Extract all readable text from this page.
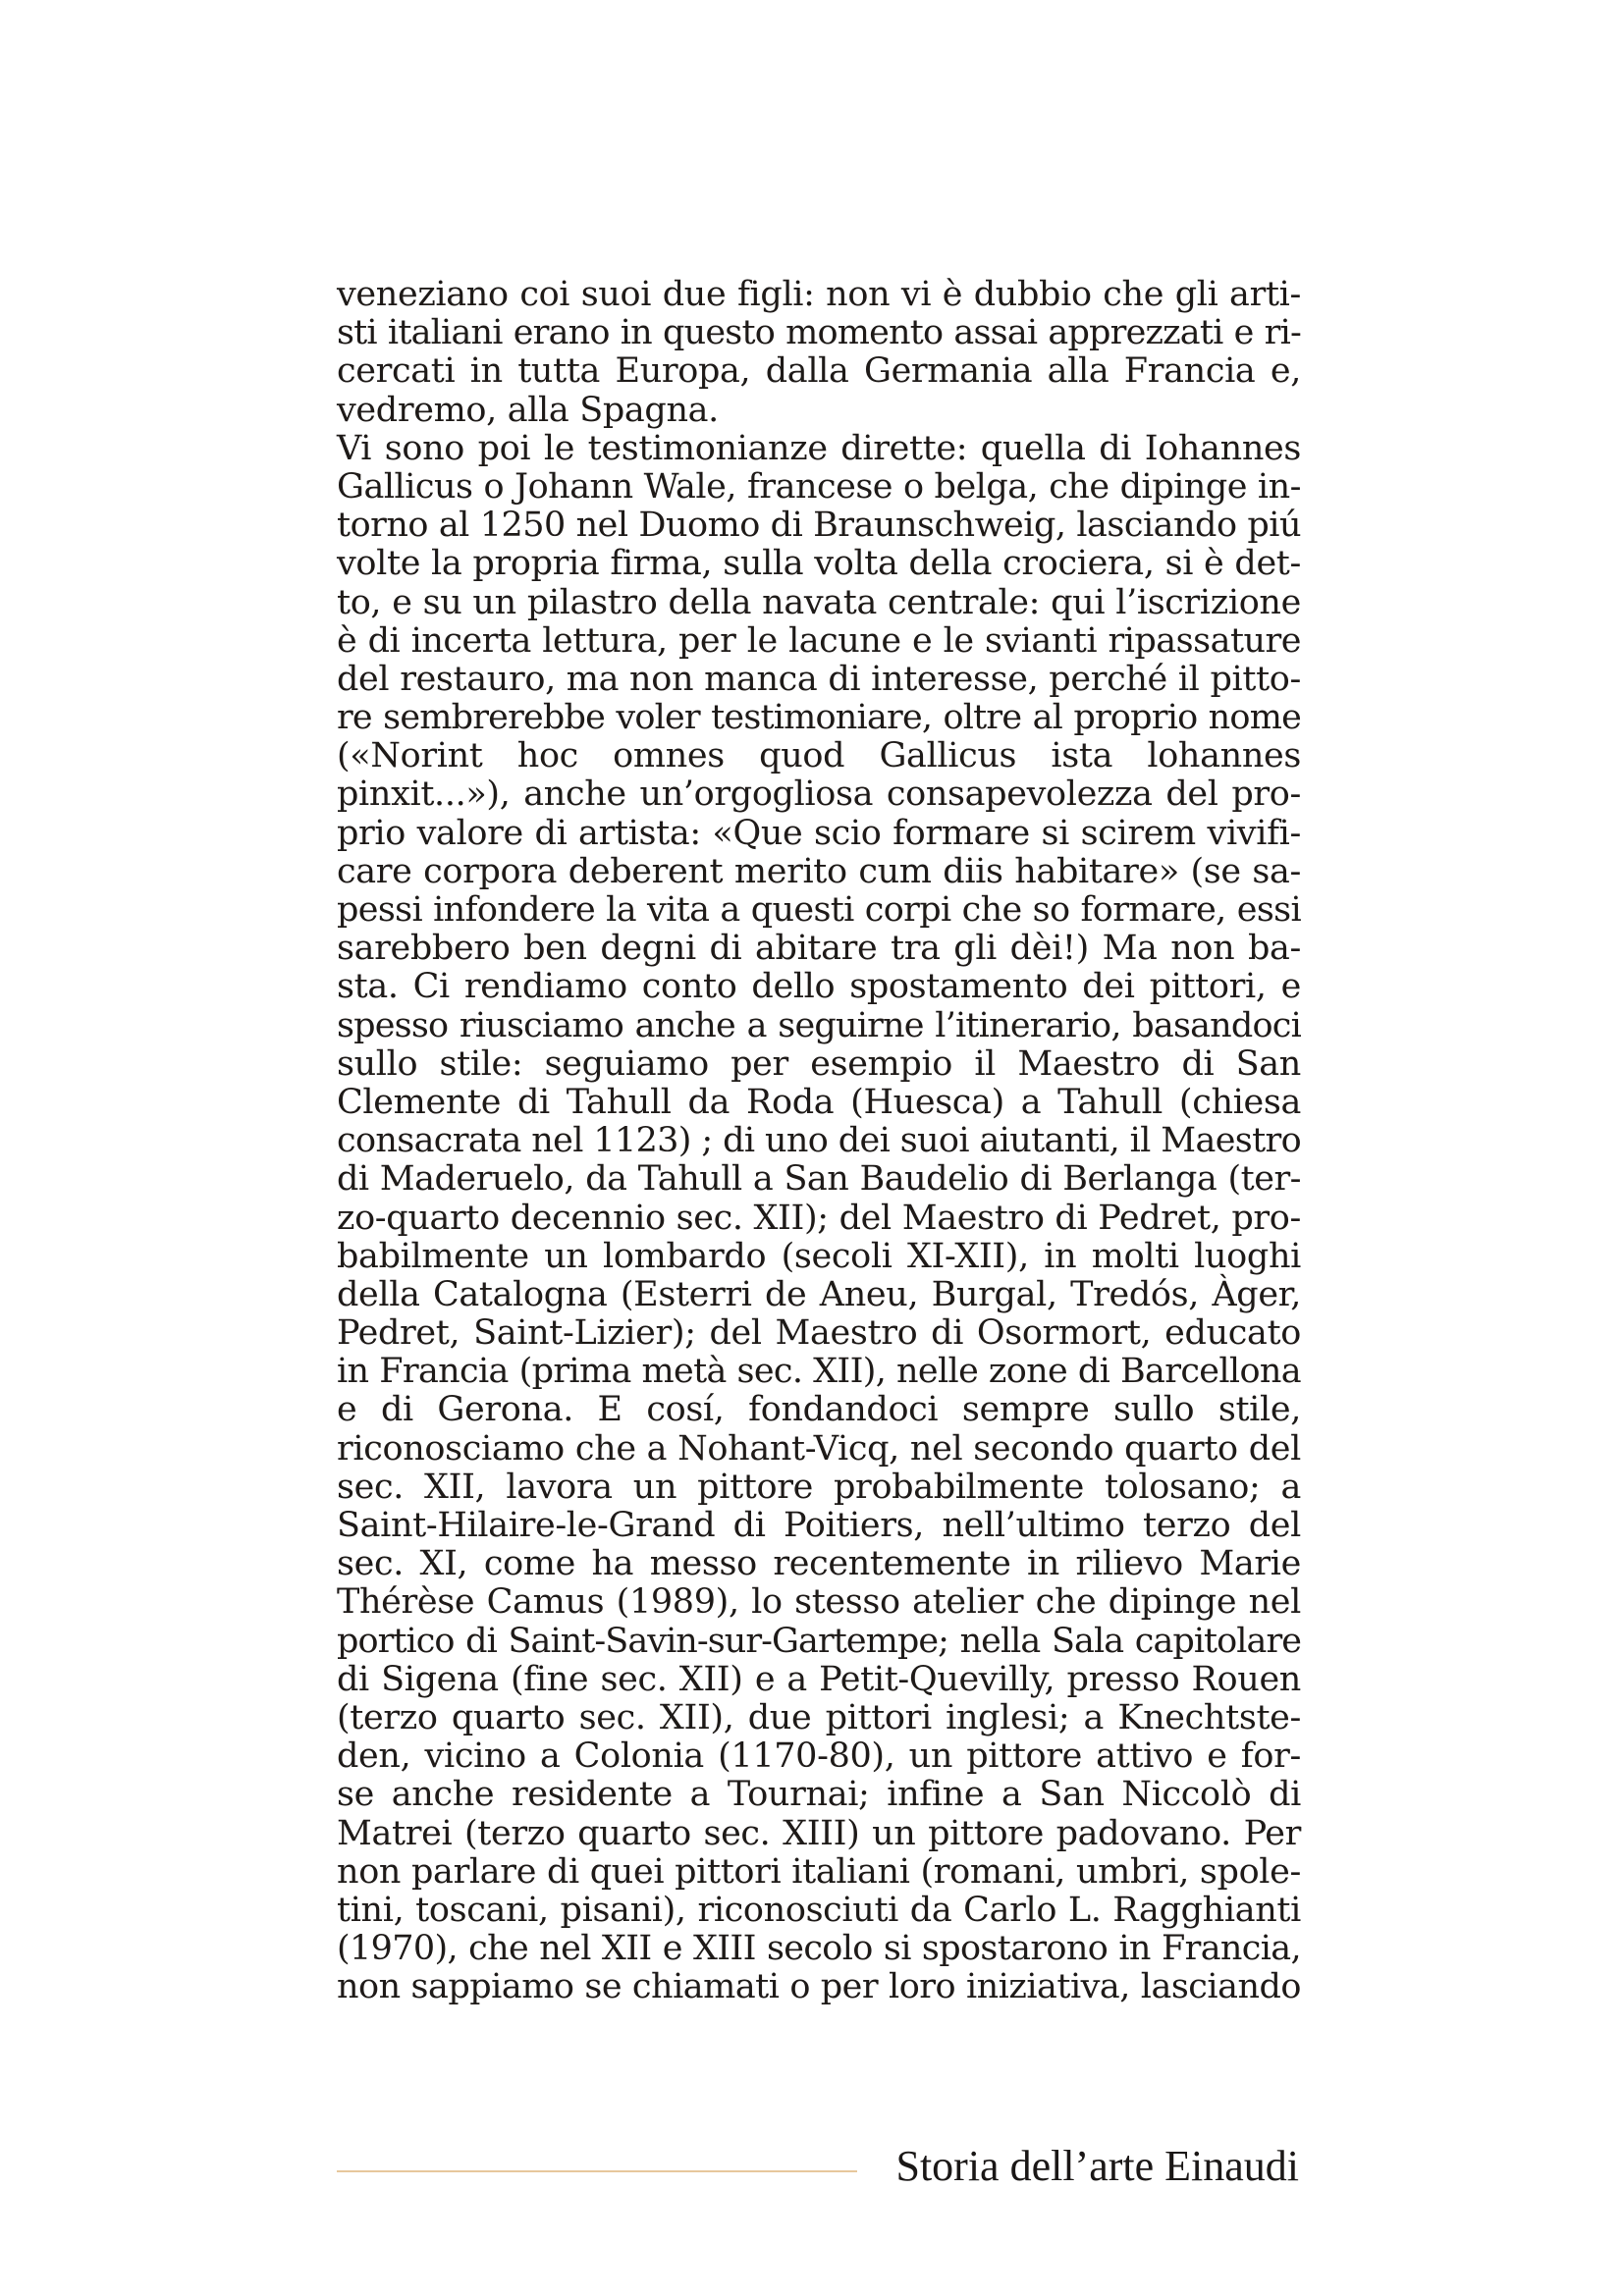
veneziano coi suoi due figli: non vi è dubbio che gli arti-
sti italiani erano in questo momento assai apprezzati e ri-
cercati in tutta Europa, dalla Germania alla Francia e,
vedremo, alla Spagna.
Vi sono poi le testimonianze dirette: quella di Iohannes
Gallicus o Johann Wale, francese o belga, che dipinge in-
torno al 1250 nel Duomo di Braunschweig, lasciando piú
volte la propria firma, sulla volta della crociera, si è det-
to, e su un pilastro della navata centrale: qui l’iscrizione
è di incerta lettura, per le lacune e le svianti ripassature
del restauro, ma non manca di interesse, perché il pitto-
re sembrerebbe voler testimoniare, oltre al proprio nome
(«Norint hoc omnes quod Gallicus ista lohannes
pinxit...»), anche un’orgogliosa consapevolezza del pro-
prio valore di artista: «Que scio formare si scirem vivifi-
care corpora deberent merito cum diis habitare» (se sa-
pessi infondere la vita a questi corpi che so formare, essi
sarebbero ben degni di abitare tra gli dèi!) Ma non ba-
sta. Ci rendiamo conto dello spostamento dei pittori, e
spesso riusciamo anche a seguirne l’itinerario, basandoci
sullo stile: seguiamo per esempio il Maestro di San
Clemente di Tahull da Roda (Huesca) a Tahull (chiesa
consacrata nel 1123) ; di uno dei suoi aiutanti, il Maestro
di Maderuelo, da Tahull a San Baudelio di Berlanga (ter-
zo-quarto decennio sec. XII); del Maestro di Pedret, pro-
babilmente un lombardo (secoli XI-XII), in molti luoghi
della Catalogna (Esterri de Aneu, Burgal, Tredós, Àger,
Pedret, Saint-Lizier); del Maestro di Osormort, educato
in Francia (prima metà sec. XII), nelle zone di Barcellona
e di Gerona. E cosí, fondandoci sempre sullo stile,
riconosciamo che a Nohant-Vicq, nel secondo quarto del
sec. XII, lavora un pittore probabilmente tolosano; a
Saint-Hilaire-le-Grand di Poitiers, nell’ultimo terzo del
sec. XI, come ha messo recentemente in rilievo Marie
Thérèse Camus (1989), lo stesso atelier che dipinge nel
portico di Saint-Savin-sur-Gartempe; nella Sala capitolare
di Sigena (fine sec. XII) e a Petit-Quevilly, presso Rouen
(terzo quarto sec. XII), due pittori inglesi; a Knechtste-
den, vicino a Colonia (1170-80), un pittore attivo e for-
se anche residente a Tournai; infine a San Niccolò di
Matrei (terzo quarto sec. XIII) un pittore padovano. Per
non parlare di quei pittori italiani (romani, umbri, spole-
tini, toscani, pisani), riconosciuti da Carlo L. Ragghianti
(1970), che nel XII e XIII secolo si spostarono in Francia,
non sappiamo se chiamati o per loro iniziativa, lasciando
Storia dell’arte Einaudi
